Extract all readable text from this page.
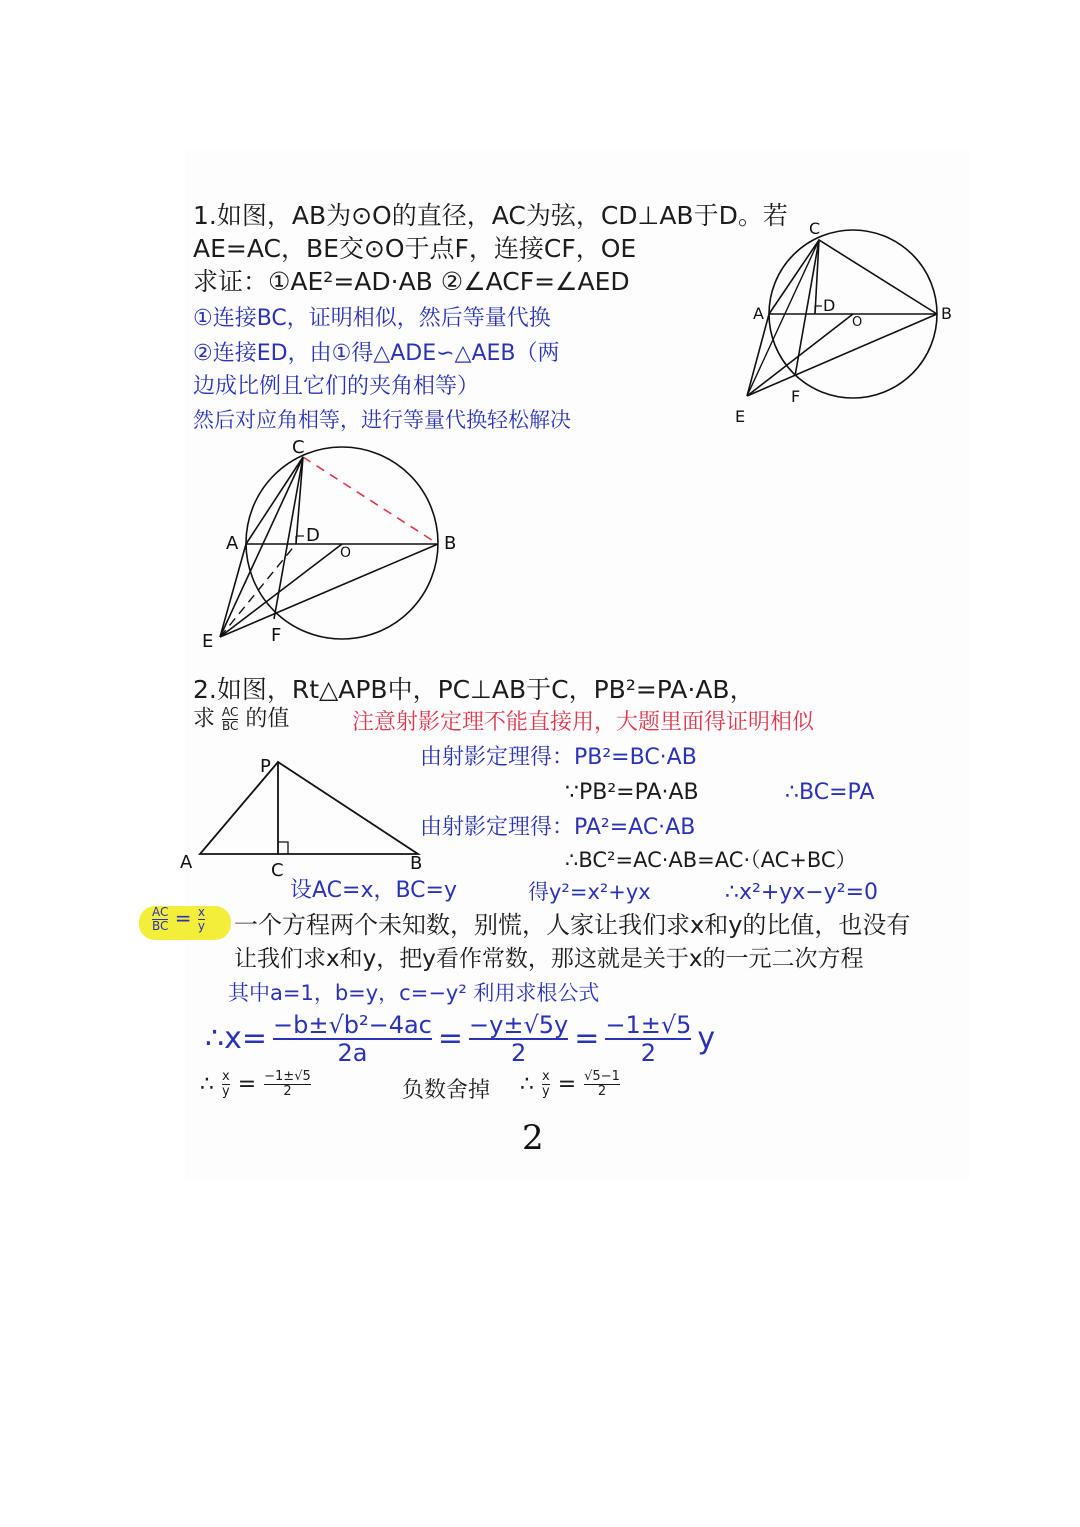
1.如图，AB为⊙O的直径，AC为弦，CD⊥AB于D。若
AE=AC，BE交⊙O于点F，连接CF，OE
求证：①AE²=AD·AB ②∠ACF=∠AED
①连接BC，证明相似，然后等量代换
②连接ED，由①得△ADE∽△AEB（两
边成比例且它们的夹角相等）
然后对应角相等，进行等量代换轻松解决
C
A	B
D
O
F
E
C
A	B
D
O
F
E
2.如图，Rt△APB中，PC⊥AB于C，PB²=PA·AB，
求 $\frac{AC}{BC}$ 的值	注意射影定理不能直接用，大题里面得证明相似
P
A	C	B
由射影定理得：PB²=BC·AB
∵PB²=PA·AB	∴BC=PA
由射影定理得：PA²=AC·AB
∴BC²=AC·AB=AC·（AC+BC）
设AC=x，BC=y	得y²=x²+yx	∴x²+yx−y²=0
$\frac{AC}{BC} = \frac{x}{y}$ 一个方程两个未知数，别慌，人家让我们求x和y的比值，也没有
让我们求x和y，把y看作常数，那这就是关于x的一元二次方程
其中a=1，b=y，c=−y² 利用求根公式
∴x= $\frac{\text{−b±√b²−4ac}}{2a} = \frac{-y\pm√5y}{2} = \frac{-1\pm√5}{2}$ y
∴ $\frac{x}{y} = \frac{-1\pm√5}{2}$	负数舍掉 ∴ $\frac{x}{y} = \frac{√5-1}{2}$
2
